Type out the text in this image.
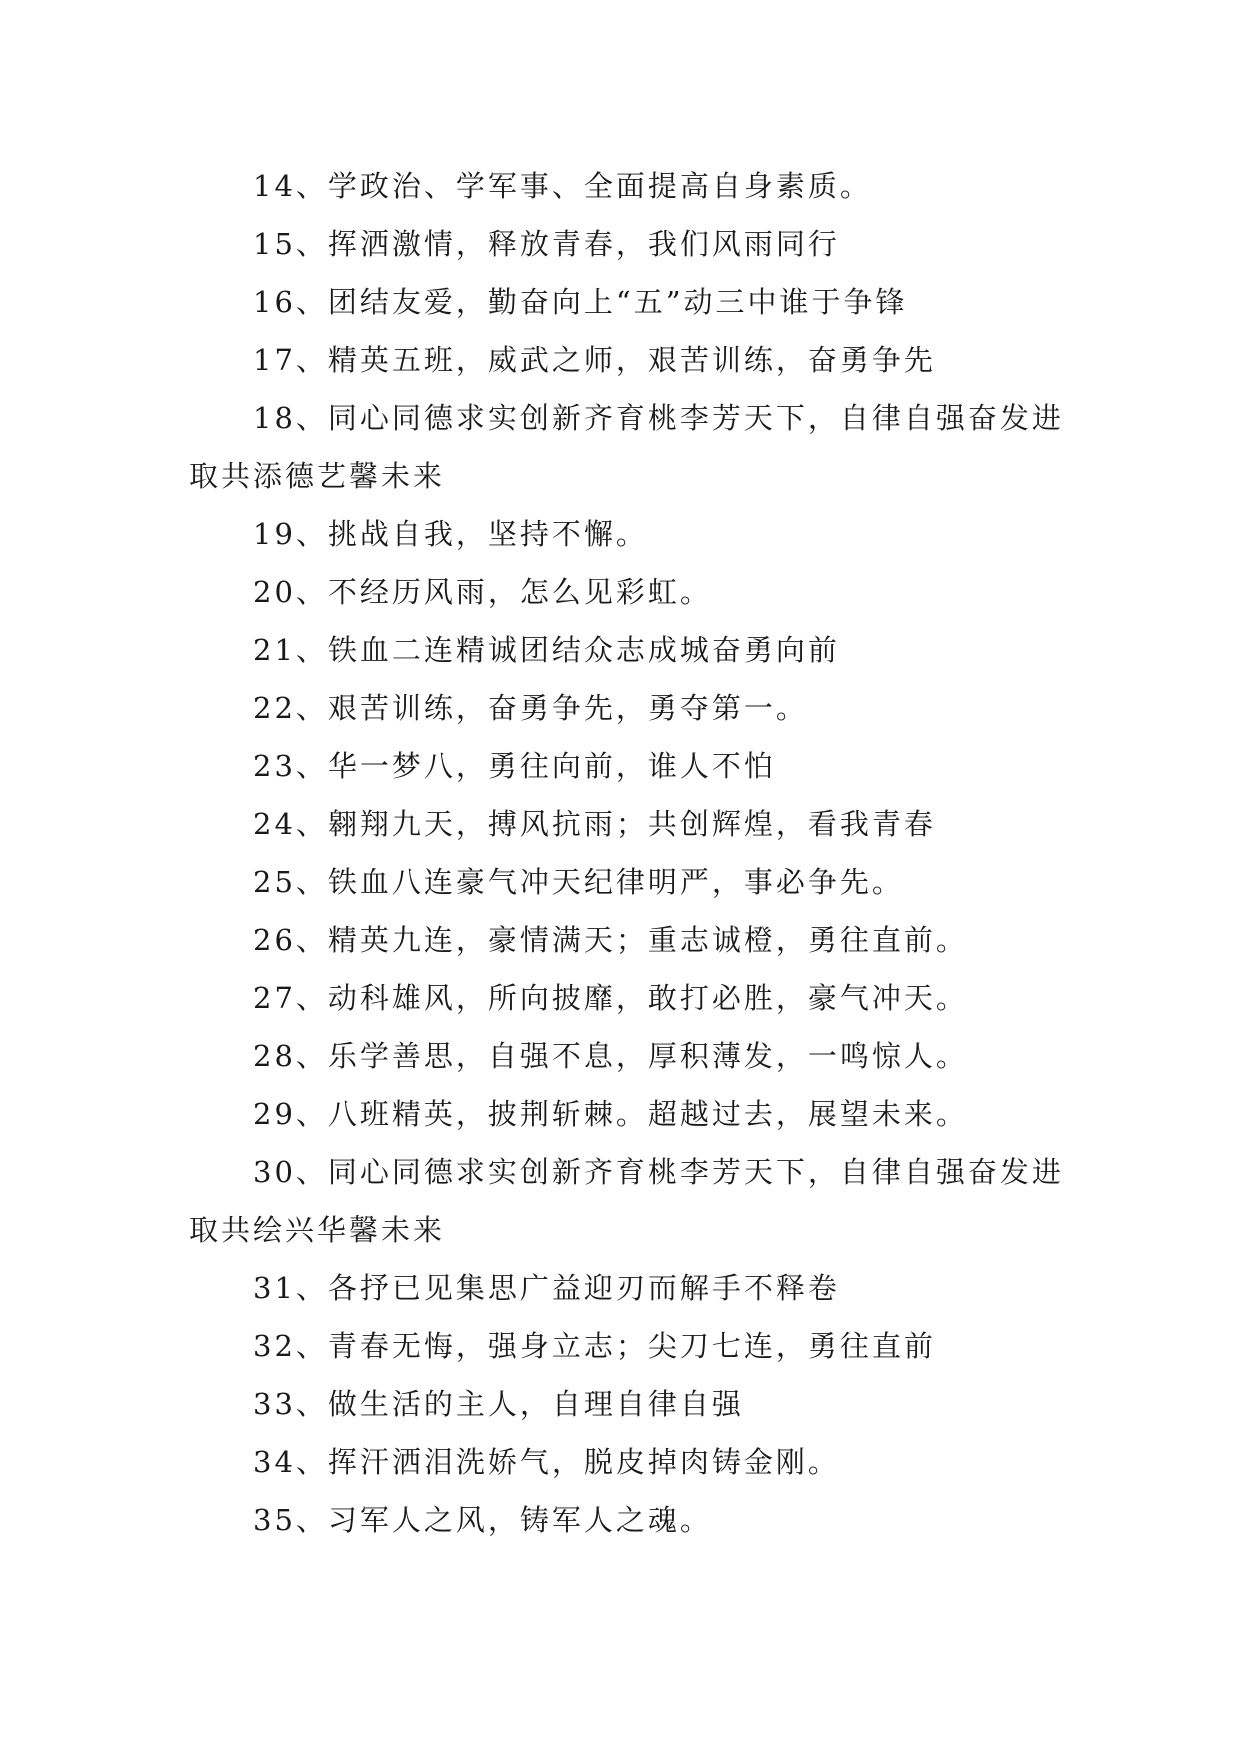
14、学政治、学军事、全面提高自身素质。

15、挥洒激情，释放青春，我们风雨同行

16、团结友爱，勤奋向上“五”动三中谁于争锋

17、精英五班，威武之师，艰苦训练，奋勇争先

18、同心同德求实创新齐育桃李芳天下，自律自强奋发进取共添德艺馨未来

19、挑战自我，坚持不懈。

20、不经历风雨，怎么见彩虹。

21、铁血二连精诚团结众志成城奋勇向前

22、艰苦训练，奋勇争先，勇夺第一。

23、华一梦八，勇往向前，谁人不怕

24、翱翔九天，搏风抗雨；共创辉煌，看我青春

25、铁血八连豪气冲天纪律明严，事必争先。

26、精英九连，豪情满天；重志诚橙，勇往直前。

27、动科雄风，所向披靡，敢打必胜，豪气冲天。

28、乐学善思，自强不息，厚积薄发，一鸣惊人。

29、八班精英，披荆斩棘。超越过去，展望未来。

30、同心同德求实创新齐育桃李芳天下，自律自强奋发进取共绘兴华馨未来

31、各抒已见集思广益迎刃而解手不释卷

32、青春无悔，强身立志；尖刀七连，勇往直前

33、做生活的主人，自理自律自强

34、挥汗洒泪洗娇气，脱皮掉肉铸金刚。

35、习军人之风，铸军人之魂。
